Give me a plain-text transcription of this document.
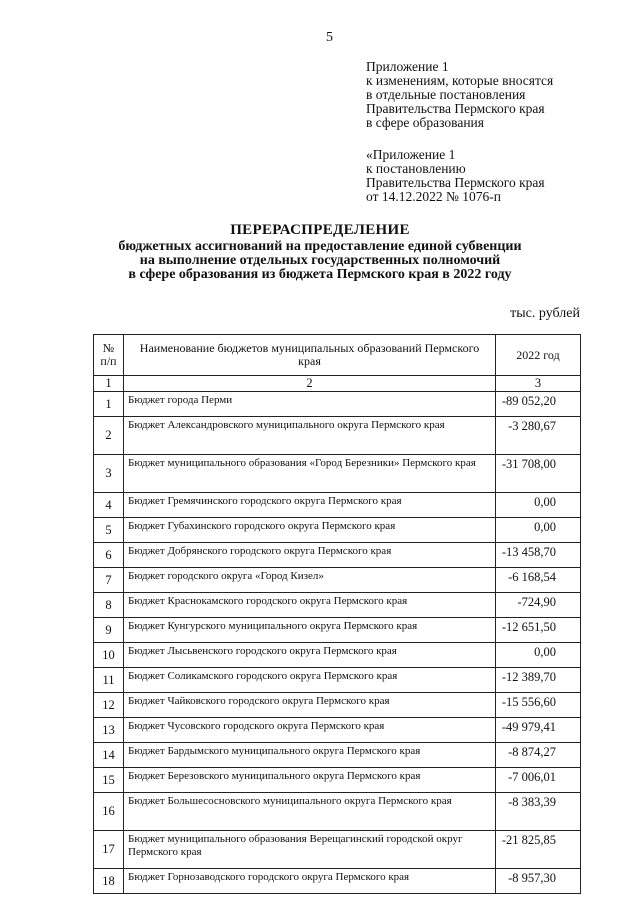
5
Приложение 1
к изменениям, которые вносятся
в отдельные постановления
Правительства Пермского края
в сфере образования
«Приложение 1
к постановлению
Правительства Пермского края
от 14.12.2022 № 1076-п
ПЕРЕРАСПРЕДЕЛЕНИЕ
бюджетных ассигнований на предоставление единой субвенции
на выполнение отдельных государственных полномочий
в сфере образования из бюджета Пермского края в 2022 году
тыс. рублей
№ п/п	Наименование бюджетов муниципальных образований Пермского края	2022 год
1	2	3
1	Бюджет города Перми	-89 052,20
2	Бюджет Александровского муниципального округа Пермского края	-3 280,67
3	Бюджет муниципального образования «Город Березники» Пермского края	-31 708,00
4	Бюджет Гремячинского городского округа Пермского края	0,00
5	Бюджет Губахинского городского округа Пермского края	0,00
6	Бюджет Добрянского городского округа Пермского края	-13 458,70
7	Бюджет городского округа «Город Кизел»	-6 168,54
8	Бюджет Краснокамского городского округа Пермского края	-724,90
9	Бюджет Кунгурского муниципального округа Пермского края	-12 651,50
10	Бюджет Лысьвенского городского округа Пермского края	0,00
11	Бюджет Соликамского городского округа Пермского края	-12 389,70
12	Бюджет Чайковского городского округа Пермского края	-15 556,60
13	Бюджет Чусовского городского округа Пермского края	-49 979,41
14	Бюджет Бардымского муниципального округа Пермского края	-8 874,27
15	Бюджет Березовского муниципального округа Пермского края	-7 006,01
16	Бюджет Большесосновского муниципального округа Пермского края	-8 383,39
17	Бюджет муниципального образования Верещагинский городской округ Пермского края	-21 825,85
18	Бюджет Горнозаводского городского округа Пермского края	-8 957,30
